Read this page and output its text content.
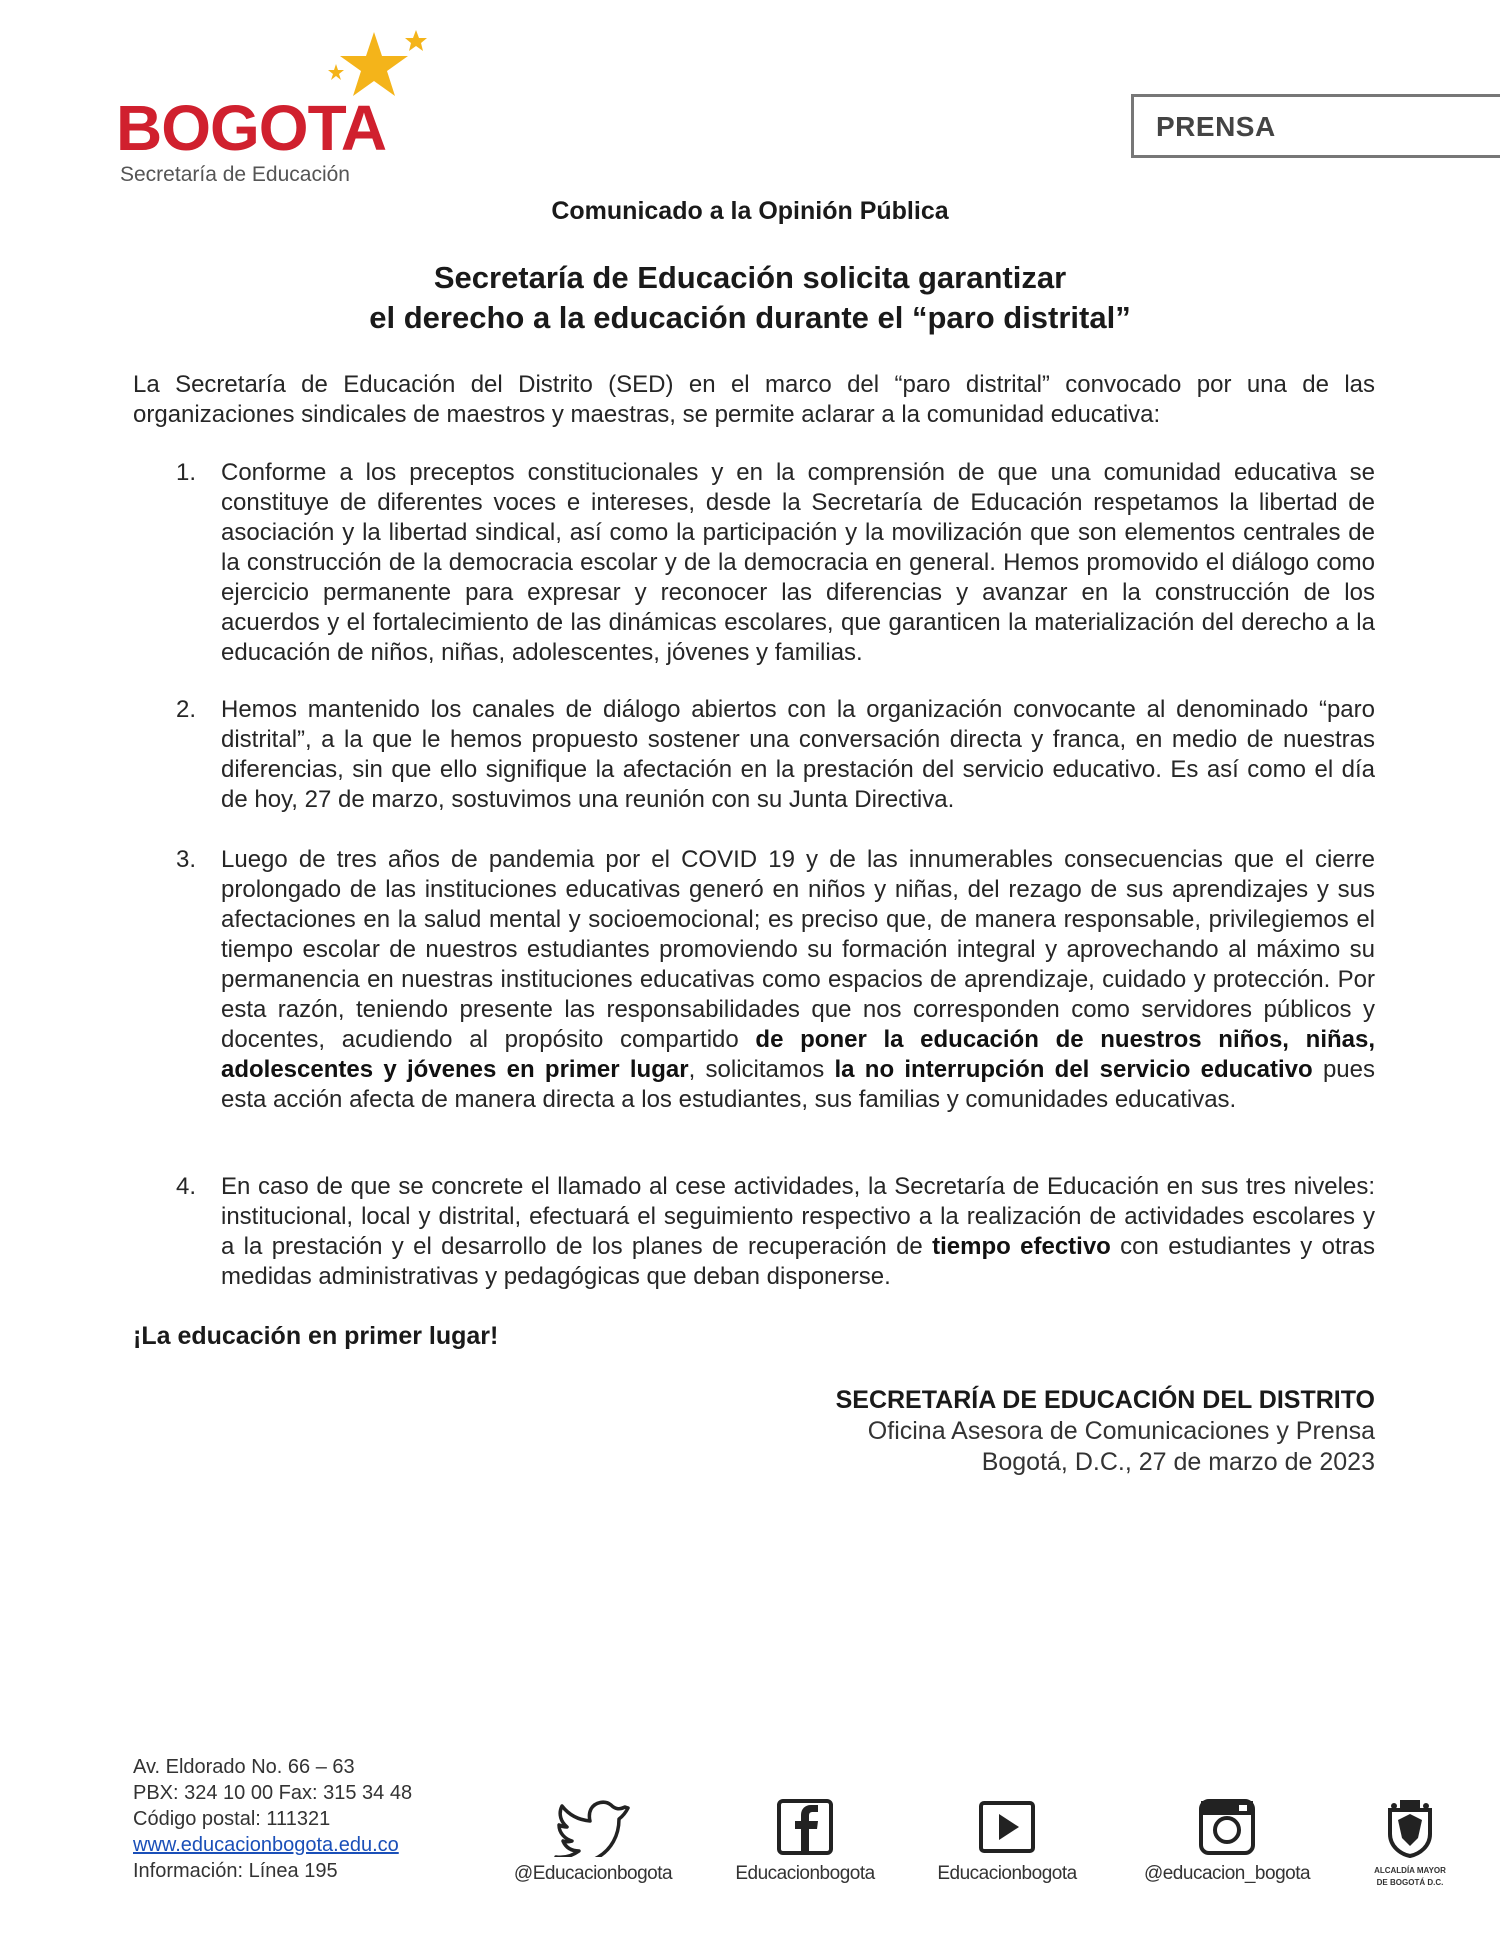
BOGOTA
Secretaría de Educación
PRENSA
Comunicado a la Opinión Pública
Secretaría de Educación solicita garantizar
el derecho a la educación durante el “paro distrital”
La Secretaría de Educación del Distrito (SED) en el marco del “paro distrital” convocado por una de las organizaciones sindicales de maestros y maestras, se permite aclarar a la comunidad educativa:
1. Conforme a los preceptos constitucionales y en la comprensión de que una comunidad educativa se constituye de diferentes voces e intereses, desde la Secretaría de Educación respetamos la libertad de asociación y la libertad sindical, así como la participación y la movilización que son elementos centrales de la construcción de la democracia escolar y de la democracia en general. Hemos promovido el diálogo como ejercicio permanente para expresar y reconocer las diferencias y avanzar en la construcción de los acuerdos y el fortalecimiento de las dinámicas escolares, que garanticen la materialización del derecho a la educación de niños, niñas, adolescentes, jóvenes y familias.
2. Hemos mantenido los canales de diálogo abiertos con la organización convocante al denominado “paro distrital”, a la que le hemos propuesto sostener una conversación directa y franca, en medio de nuestras diferencias, sin que ello signifique la afectación en la prestación del servicio educativo. Es así como el día de hoy, 27 de marzo, sostuvimos una reunión con su Junta Directiva.
3. Luego de tres años de pandemia por el COVID 19 y de las innumerables consecuencias que el cierre prolongado de las instituciones educativas generó en niños y niñas, del rezago de sus aprendizajes y sus afectaciones en la salud mental y socioemocional; es preciso que, de manera responsable, privilegiemos el tiempo escolar de nuestros estudiantes promoviendo su formación integral y aprovechando al máximo su permanencia en nuestras instituciones educativas como espacios de aprendizaje, cuidado y protección. Por esta razón, teniendo presente las responsabilidades que nos corresponden como servidores públicos y docentes, acudiendo al propósito compartido de poner la educación de nuestros niños, niñas, adolescentes y jóvenes en primer lugar, solicitamos la no interrupción del servicio educativo pues esta acción afecta de manera directa a los estudiantes, sus familias y comunidades educativas.
4. En caso de que se concrete el llamado al cese actividades, la Secretaría de Educación en sus tres niveles: institucional, local y distrital, efectuará el seguimiento respectivo a la realización de actividades escolares y a la prestación y el desarrollo de los planes de recuperación de tiempo efectivo con estudiantes y otras medidas administrativas y pedagógicas que deban disponerse.
¡La educación en primer lugar!
SECRETARÍA DE EDUCACIÓN DEL DISTRITO
Oficina Asesora de Comunicaciones y Prensa
Bogotá, D.C., 27 de marzo de 2023
Av. Eldorado No. 66 – 63
PBX: 324 10 00 Fax: 315 34 48
Código postal: 111321
www.educacionbogota.edu.co
Información: Línea 195	@Educacionbogota	Educacionbogota	Educacionbogota	@educacion_bogota	ALCALDÍA MAYOR
DE BOGOTÁ D.C.
